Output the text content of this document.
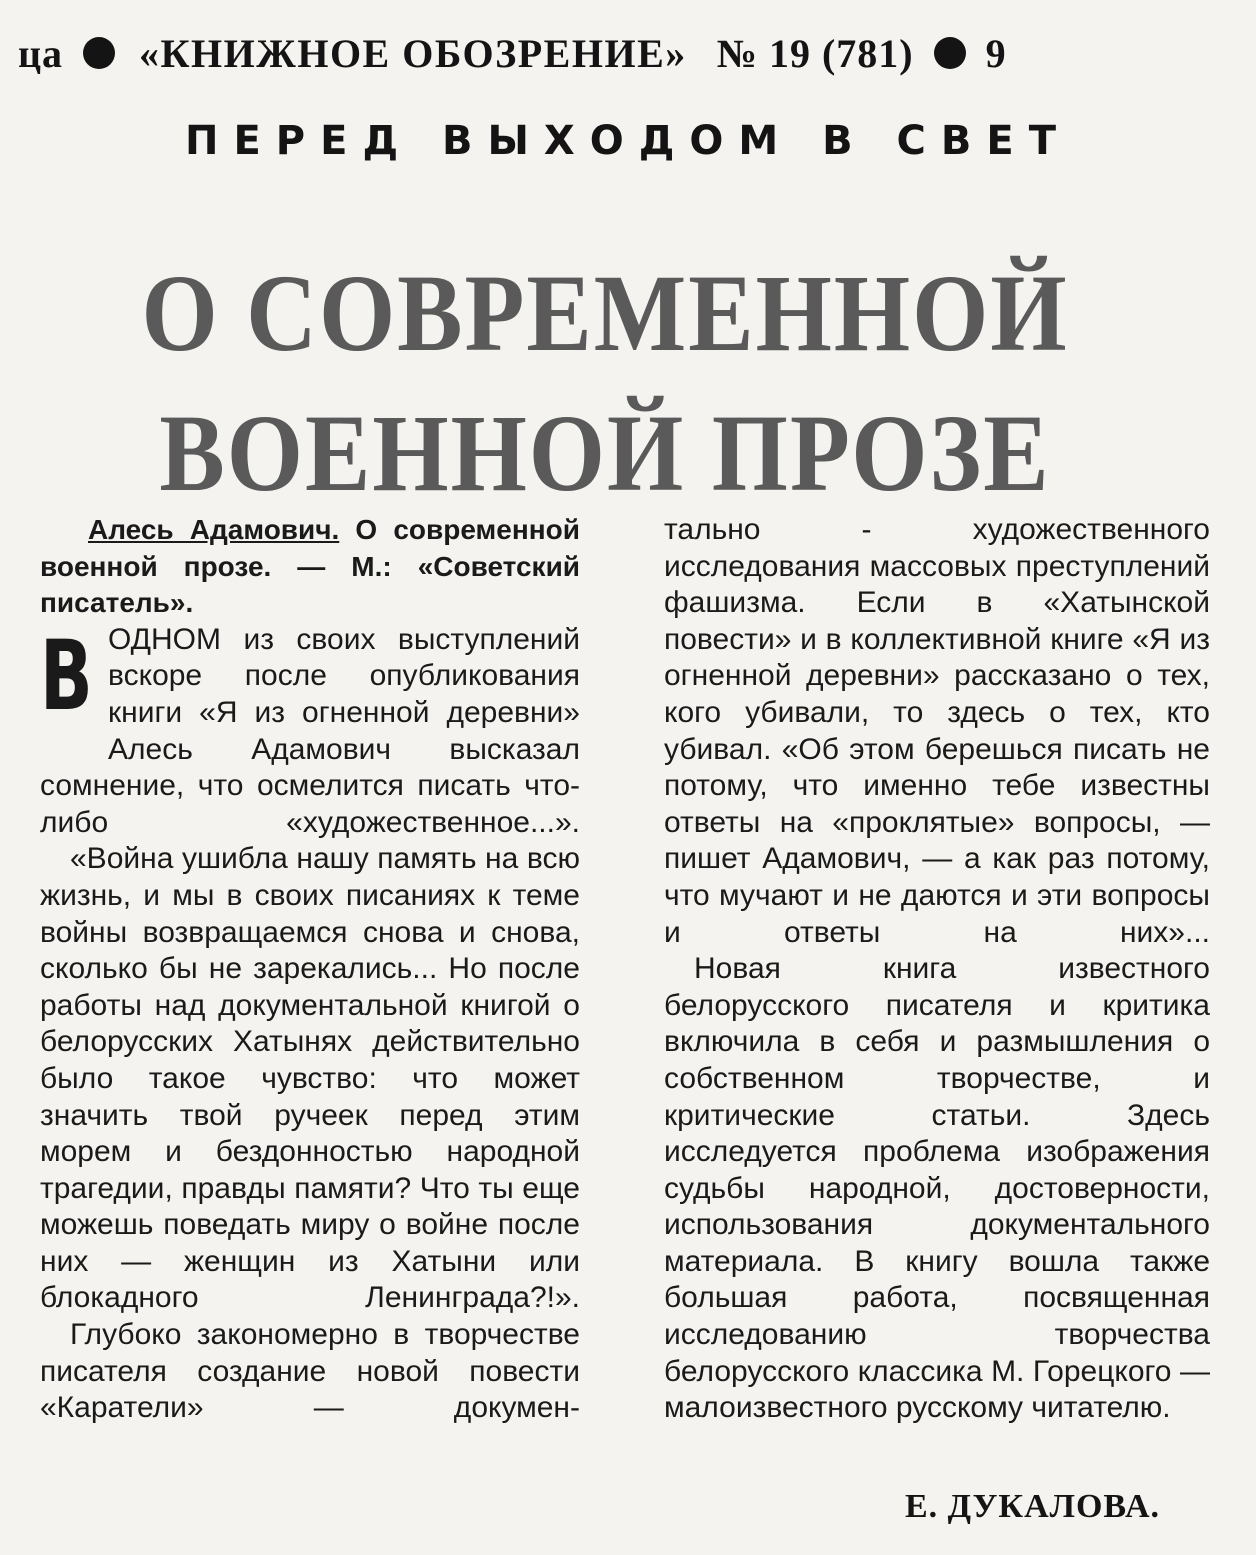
ца «КНИЖНОЕ ОБОЗРЕНИЕ» № 19 (781) 9
ПЕРЕД ВЫХОДОМ В СВЕТ
О СОВРЕМЕННОЙ
ВОЕННОЙ ПРОЗЕ

Алесь Адамович. О современной военной прозе. — М.: «Советский писатель».

ВОДНОМ из своих выступлений вскоре после опубликования книги «Я из огненной деревни» Алесь Адамович высказал сомнение, что осмелится писать что-либо «художественное...».

«Война ушибла нашу память на всю жизнь, и мы в своих писаниях к теме войны возвращаемся снова и снова, сколько бы не зарекались... Но после работы над документальной книгой о белорусских Хатынях действительно было такое чувство: что может значить твой ручеек перед этим морем и бездонностью народной трагедии, правды памяти? Что ты еще можешь поведать миру о войне после них — женщин из Хатыни или блокадного Ленинграда?!».

Глубоко закономерно в творчестве писателя создание новой повести «Каратели» — докумен-

тально - художественного исследования массовых преступлений фашизма. Если в «Хатынской повести» и в коллективной книге «Я из огненной деревни» рассказано о тех, кого убивали, то здесь о тех, кто убивал. «Об этом берешься писать не потому, что именно тебе известны ответы на «проклятые» вопросы, — пишет Адамович, — а как раз потому, что мучают и не даются и эти вопросы и ответы на них»...

Новая книга известного белорусского писателя и критика включила в себя и размышления о собственном творчестве, и критические статьи. Здесь исследуется проблема изображения судьбы народной, достоверности, использования документального материала. В книгу вошла также большая работа, посвященная исследованию творчества белорусского классика М. Горецкого — малоизвестного русскому читателю.

Е. ДУКАЛОВА.
